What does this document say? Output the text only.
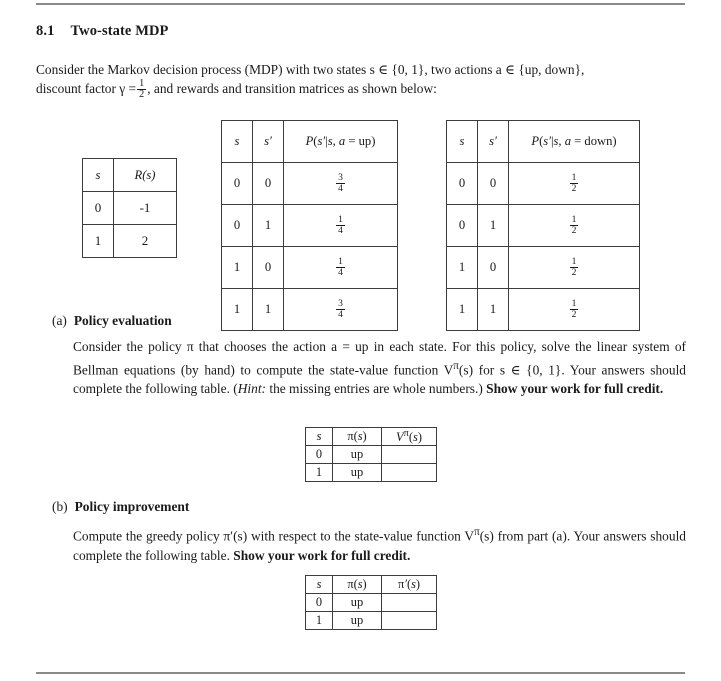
8.1 Two-state MDP
Consider the Markov decision process (MDP) with two states s ∈ {0, 1}, two actions a ∈ {up, down},
discount factor $\gamma = \frac{1}{2}$ , and rewards and transition matrices as shown below:
s	R(s)
0	-1
1	2
s	s′	P(s′|s, a = up)
0	0	$\frac{3}{4}$

0	1	$\frac{1}{4}$

1	0	$\frac{1}{4}$

1	1	$\frac{3}{4}$
s	s′	P(s′|s, a = down)
0	0	$\frac{1}{2}$

0	1	$\frac{1}{2}$

1	0	$\frac{1}{2}$

1	1	$\frac{1}{2}$
(a) Policy evaluation
Consider the policy π that chooses the action a = up in each state. For this policy, solve the linear system of Bellman equations (by hand) to compute the state-value function $V^\pi(s)$ for s ∈ {0, 1}. Your answers should complete the following table. (Hint: the missing entries are whole numbers.) Show your work for full credit.
s	π(s)	$V^\pi(s)$
0	up	
1	up	
(b) Policy improvement
Compute the greedy policy π′(s) with respect to the state-value function $V^\pi(s)$ from part (a). Your answers should complete the following table. Show your work for full credit.
s	π(s)	π′(s)
0	up	
1	up	
